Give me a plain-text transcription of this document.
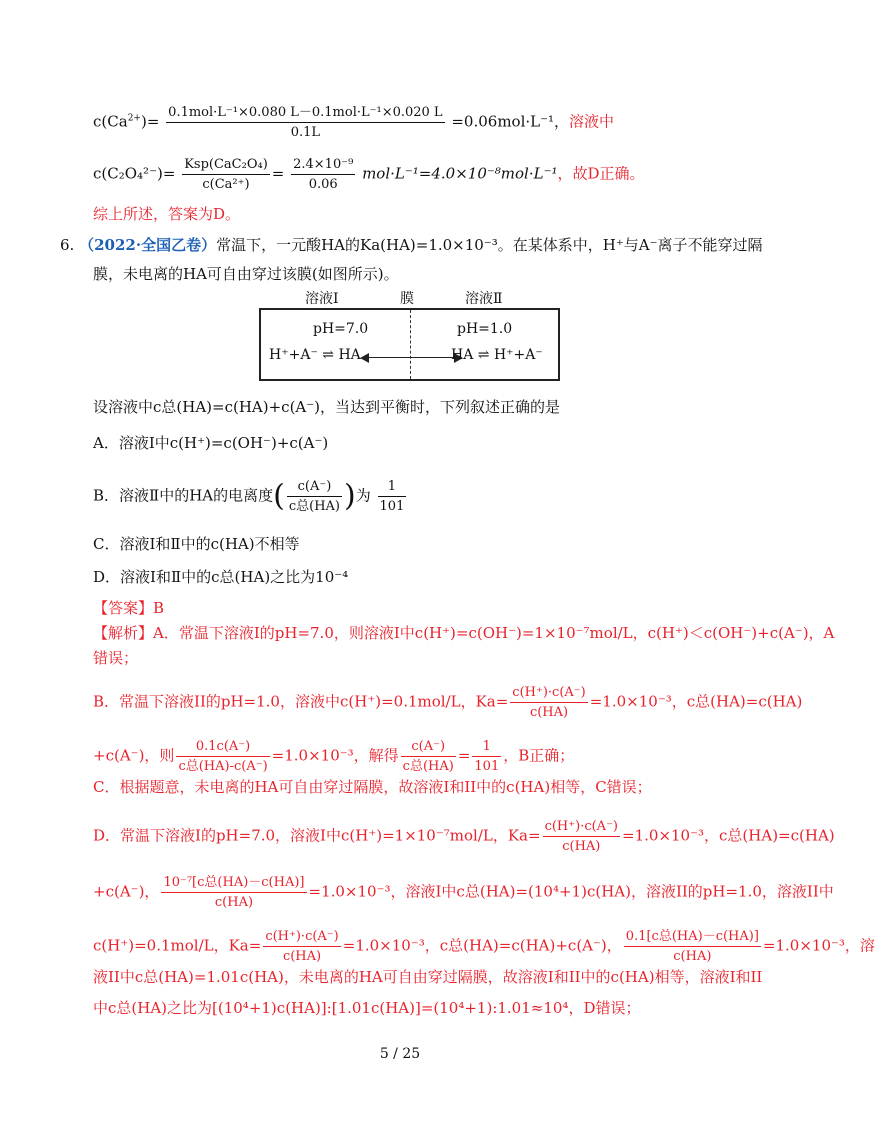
$c(Ca^{2+})= \frac{\text{0.1mol·L⁻¹×0.080 L－0.1mol·L⁻¹×0.020 L}}{0.1L} =0.06mol\cdot L^{-1}$，溶液中
$c(C_2O_4^{2-})= \frac{\text{Ksp(CaC₂O₄)}}{\text{c(Ca²⁺)}} = \frac{\text{2.4×10⁻⁹}}{0.06} mol\cdot L^{-1}=4.0\times 10^{-8}mol\cdot L^{-1}$，故D正确。
综上所述，答案为D。
6. （2022·全国乙卷）常温下，一元酸HA的Ka(HA)=1.0×10⁻³。在某体系中，H⁺与A⁻离子不能穿过隔
膜，未电离的HA可自由穿过该膜(如图所示)。
溶液Ⅰ	膜	溶液Ⅱ
pH=7.0	pH=1.0
H⁺+A⁻ ⇌ HA	HA ⇌ H⁺+A⁻
设溶液中c总(HA)=c(HA)+c(A⁻)，当达到平衡时，下列叙述正确的是
A．溶液Ⅰ中c(H⁺)=c(OH⁻)+c(A⁻)
B．溶液Ⅱ中的HA的电离度( $\frac{c(A^-)}{\text{c总(HA)}}$ )为 $\frac{1}{101}$
C．溶液Ⅰ和Ⅱ中的c(HA)不相等
D．溶液Ⅰ和Ⅱ中的c总(HA)之比为10⁻⁴
【答案】B
【解析】A．常温下溶液I的pH=7.0，则溶液I中c(H⁺)=c(OH⁻)=1×10⁻⁷mol/L，c(H⁺)＜c(OH⁻)+c(A⁻)，A
错误；
B．常温下溶液II的pH=1.0，溶液中c(H⁺)=0.1mol/L，$Ka= \frac{c(H^+)\cdot c(A^-)}{c(HA)} =1.0\times 10^{-3}$，c总(HA)=c(HA)
+c(A⁻)，则 $\frac{0.1c(A^-)}{\text{c总(HA)-c(A⁻)}} =1.0\times 10^{-3}$，解得 $\frac{c(A^-)}{\text{c总(HA)}} = \frac{1}{101}$ ，B正确；
C．根据题意，未电离的HA可自由穿过隔膜，故溶液I和II中的c(HA)相等，C错误；
D．常温下溶液I的pH=7.0，溶液I中c(H⁺)=1×10⁻⁷mol/L，$Ka= \frac{c(H^+)\cdot c(A^-)}{c(HA)} =1.0\times 10^{-3}$，c总(HA)=c(HA)
+c(A⁻)， $\frac{\text{10⁻⁷[c总(HA)－c(HA)]}}{c(HA)} =1.0\times 10^{-3}$，溶液I中c总(HA)=(10⁴+1)c(HA)，溶液II的pH=1.0，溶液II中
c(H⁺)=0.1mol/L，$Ka= \frac{c(H^+)\cdot c(A^-)}{c(HA)} =1.0\times 10^{-3}$，c总(HA)=c(HA)+c(A⁻)， $\frac{\text{0.1[c总(HA)－c(HA)]}}{c(HA)} =1.0\times 10^{-3}$，溶
液II中c总(HA)=1.01c(HA)，未电离的HA可自由穿过隔膜，故溶液I和II中的c(HA)相等，溶液I和II
中c总(HA)之比为[(10⁴+1)c(HA)]:[1.01c(HA)]=(10⁴+1):1.01≈10⁴，D错误；
5 / 25
